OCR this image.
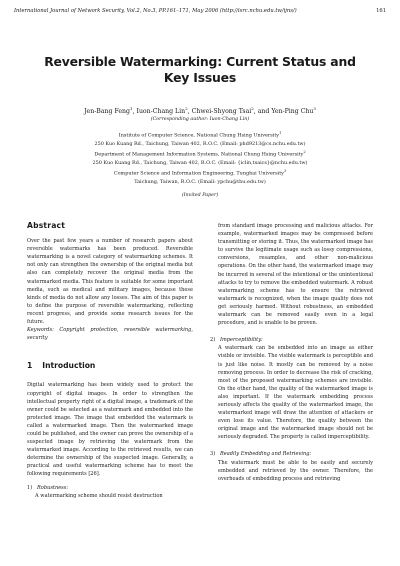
International Journal of Network Security, Vol.2, No.3, PP.161–171, May 2006 (http://isrc.nchu.edu.tw/ijns/)	161
Reversible Watermarking: Current Status and
Key Issues
Jen-Bang Feng$^1$, Iuon-Chang Lin$^2$, Chwei-Shyong Tsai$^2$, and Yen-Ping Chu$^3$
(Corresponding author: Iuon-Chang Lin)
Institute of Computer Science, National Chung Hsing University$^1$
250 Kuo Kuang Rd., Taichung, Taiwan 402, R.O.C. (Email: phd9213@cs.nchu.edu.tw)
Department of Management Information Systems, National Chung Hsing University$^2$
250 Kuo Kuang Rd., Taichung, Taiwan 402, R.O.C. (Email: {iclin,tsaics}@nchu.edu.tw)
Computer Science and Information Engineering, Tunghai University$^3$
Taichung, Taiwan, R.O.C. (Email: ypchu@thu.edu.tw)
(Invited Paper)
Abstract

Over the past few years a number of research papers about reversible watermarks has been produced. Reversible watermarking is a novel category of watermarking schemes. It not only can strengthen the ownership of the original media but also can completely recover the original media from the watermarked media. This feature is suitable for some important media, such as medical and military images, because these kinds of media do not allow any losses. The aim of this paper is to define the purpose of reversible watermarking, reflecting recent progress, and provide some research issues for the future.

Keywords: Copyright protection, reversible watermarking, security

1 Introduction

Digital watermarking has been widely used to protect the copyright of digital images. In order to strengthen the intellectual property right of a digital image, a trademark of the owner could be selected as a watermark and embedded into the protected image. The image that embedded the watermark is called a watermarked image. Then the watermarked image could be published, and the owner can prove the ownership of a suspected image by retrieving the watermark from the watermarked image. According to the retrieved results, we can determine the ownership of the suspected image. Generally, a practical and useful watermarking scheme has to meet the following requirements [26].

1) Robustness:
A watermarking scheme should resist destruction

from standard image processing and malicious attacks. For example, watermarked images may be compressed before transmitting or storing it. Thus, the watermarked image has to survive the legitimate usage such as lossy compressions, conversions, resamples, and other non-malicious operations. On the other hand, the watermarked image may be incurred in several of the intentional or the unintentional attacks to try to remove the embedded watermark. A robust watermarking scheme has to ensure the retrieved watermark is recognized, when the image quality does not get seriously harmed. Without robustness, an embedded watermark can be removed easily even in a legal procedure, and is unable to be proven.

2) Imperceptibility:
A watermark can be embedded into an image as either visible or invisible. The visible watermark is perceptible and is just like noise. It mostly can be removed by a noise removing process. In order to decrease the risk of cracking, most of the proposed watermarking schemes are invisible. On the other hand, the quality of the watermarked image is also important. If the watermark embedding process seriously affects the quality of the watermarked image, the watermarked image will draw the attention of attackers or even lose its value. Therefore, the quality between the original image and the watermarked image should not be seriously degraded. The property is called imperceptibility.
3) Readily Embedding and Retrieving:
The watermark must be able to be easily and securely embedded and retrieved by the owner. Therefore, the overheads of embedding process and retrieving
